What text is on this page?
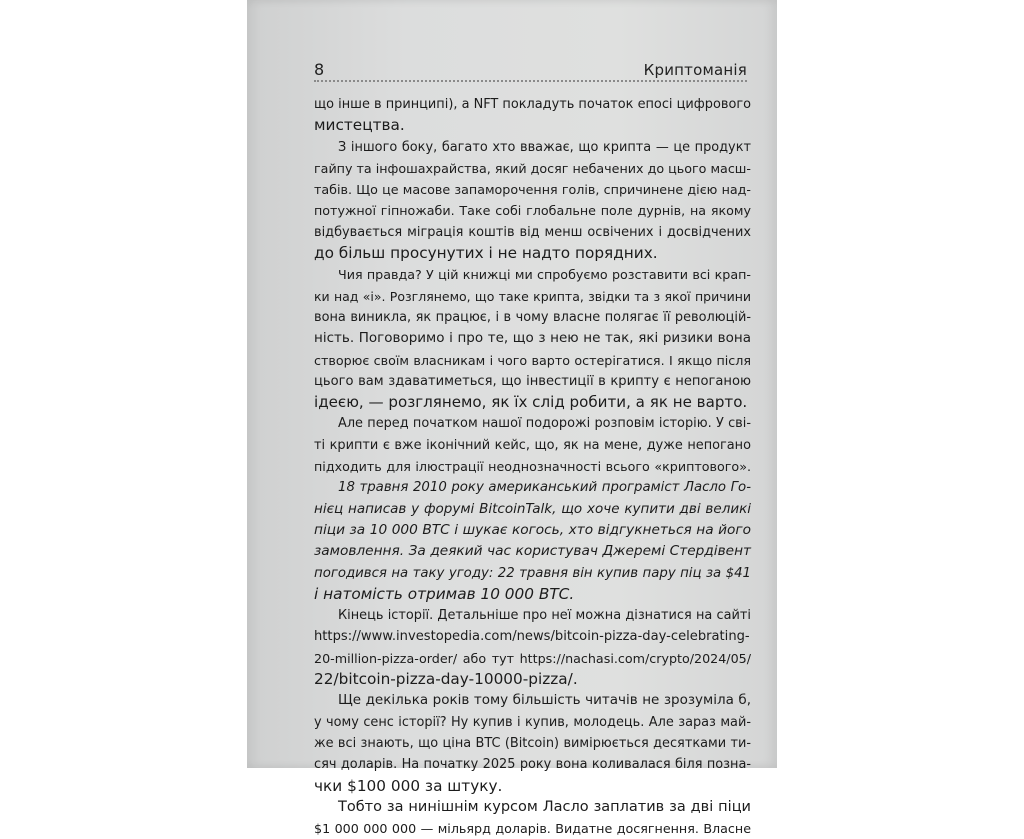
8	Криптоманія

що інше в принципі), а NFT покладуть початок епосі цифрового

мистецтва.

З іншого боку, багато хто вважає, що крипта — це продукт

гайпу та інфошахрайства, який досяг небачених до цього масш-

табів. Що це масове запаморочення голів, спричинене дією над-

потужної гіпножаби. Таке собі глобальне поле дурнів, на якому

відбувається міграція коштів від менш освічених і досвідчених

до більш просунутих і не надто порядних.

Чия правда? У цій книжці ми спробуємо розставити всі крап-

ки над «і». Розглянемо, що таке крипта, звідки та з якої причини

вона виникла, як працює, і в чому власне полягає її революцій-

ність. Поговоримо і про те, що з нею не так, які ризики вона

створює своїм власникам і чого варто остерігатися. І якщо після

цього вам здаватиметься, що інвестиції в крипту є непоганою

ідеєю, — розглянемо, як їх слід робити, а як не варто.

Але перед початком нашої подорожі розповім історію. У сві-

ті крипти є вже іконічний кейс, що, як на мене, дуже непогано

підходить для ілюстрації неоднозначності всього «криптового».

18 травня 2010 року американський програміст Ласло Го-

нієц написав у форумі BitcoinTalk, що хоче купити дві великі

піци за 10 000 BTC і шукає когось, хто відгукнеться на його

замовлення. За деякий час користувач Джеремі Стердівент

погодився на таку угоду: 22 травня він купив пару піц за $41

і натомість отримав 10 000 BTC.

Кінець історії. Детальніше про неї можна дізнатися на сайті

https://www.investopedia.com/news/bitcoin-pizza-day-celebrating-

20-million-pizza-order/ або тут https://nachasi.com/crypto/2024/05/

22/bitcoin-pizza-day-10000-pizza/.

Ще декілька років тому більшість читачів не зрозуміла б,

у чому сенс історії? Ну купив і купив, молодець. Але зараз май-

же всі знають, що ціна BTC (Bitcoin) вимірюється десятками ти-

сяч доларів. На початку 2025 року вона коливалася біля позна-

чки $100 000 за штуку.

Тобто за нинішнім курсом Ласло заплатив за дві піци

$1 000 000 000 — мільярд доларів. Видатне досягнення. Власне
